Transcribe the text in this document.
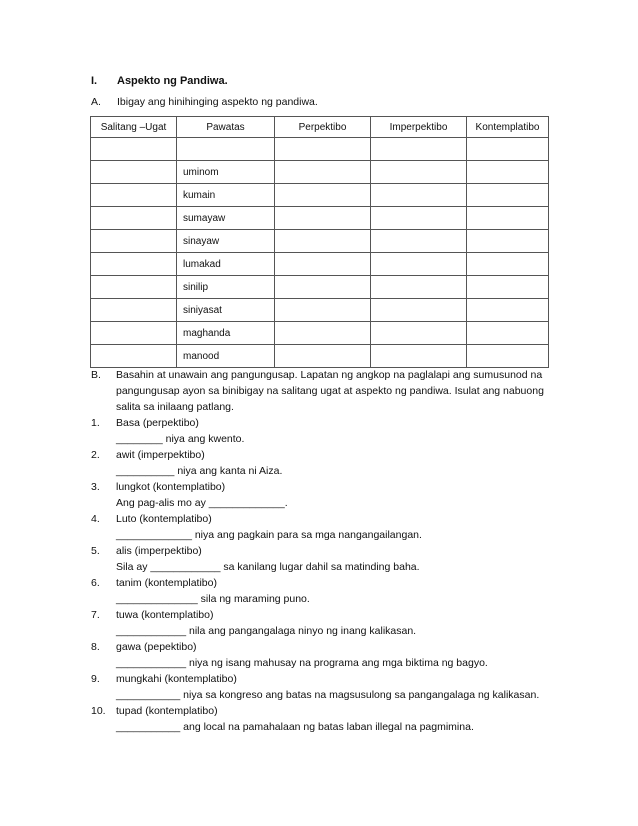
I. Aspekto ng Pandiwa.
A. Ibigay ang hinihinging aspekto ng pandiwa.
Salitang –Ugat	Pawatas	Perpektibo	Imperpektibo	Kontemplatibo

	uminom			
	kumain			
	sumayaw			
	sinayaw			
	lumakad			
	sinilip			
	siniyasat			
	maghanda			
	manood			
B.	Basahin at unawain ang pangungusap. Lapatan ng angkop na paglalapi ang sumusunod na pangungusap ayon sa binibigay na salitang ugat at aspekto ng pandiwa. Isulat ang nabuong salita sa inilaang patlang.
1.	Basa (perpektibo)
________ niya ang kwento.
2.	awit (imperpektibo)
__________ niya ang kanta ni Aiza.
3.	lungkot (kontemplatibo)
Ang pag-alis mo ay _____________.
4.	Luto (kontemplatibo)
_____________ niya ang pagkain para sa mga nangangailangan.
5.	alis (imperpektibo)
Sila ay ____________ sa kanilang lugar dahil sa matinding baha.
6.	tanim (kontemplatibo)
______________ sila ng maraming puno.
7.	tuwa (kontemplatibo)
____________ nila ang pangangalaga ninyo ng inang kalikasan.
8.	gawa (pepektibo)
____________ niya ng isang mahusay na programa ang mga biktima ng bagyo.
9.	mungkahi (kontemplatibo)
___________ niya sa kongreso ang batas na magsusulong sa pangangalaga ng kalikasan.
10. tupad (kontemplatibo)
___________ ang local na pamahalaan ng batas laban illegal na pagmimina.
